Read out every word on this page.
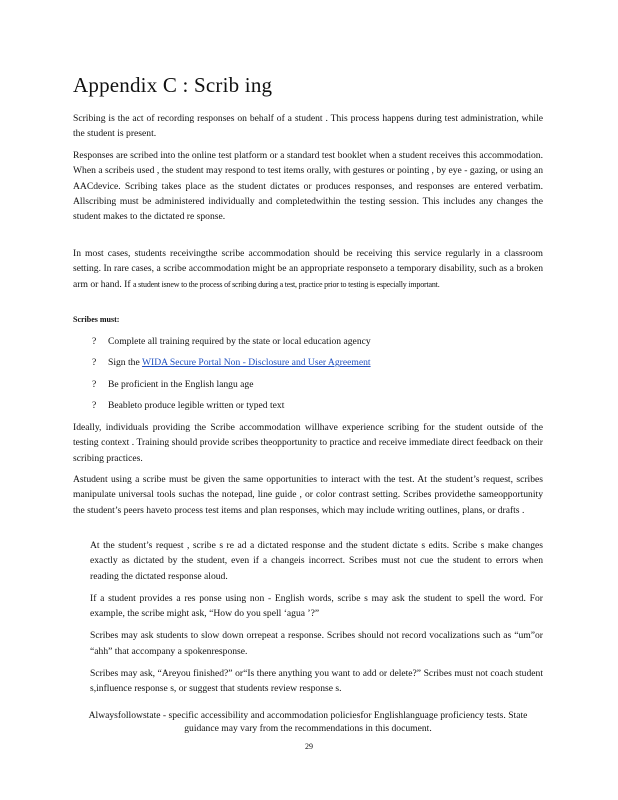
Appendix C : Scrib ing

Scribing is the act of recording responses on behalf of a student . This process happens during test administration, while the student is present.

Responses are scribed into the online test platform or a standard test booklet when a student receives this accommodation. When a scribeis used , the student may respond to test items orally, with gestures or pointing , by eye - gazing, or using an AACdevice. Scribing takes place as the student dictates or produces responses, and responses are entered verbatim. Allscribing must be administered individually and completedwithin the testing session. This includes any changes the student makes to the dictated re sponse.

In most cases, students receivingthe scribe accommodation should be receiving this service regularly in a classroom setting. In rare cases, a scribe accommodation might be an appropriate responseto a temporary disability, such as a broken arm or hand. If a student isnew to the process of scribing during a test, practice prior to testing is especially important.

Scribes must:

?	Complete all training required by the state or local education agency
?	Sign the WIDA Secure Portal Non - Disclosure and User Agreement
?	Be proficient in the English langu age
?	Beableto produce legible written or typed text

Ideally, individuals providing the Scribe accommodation willhave experience scribing for the student outside of the testing context . Training should provide scribes theopportunity to practice and receive immediate direct feedback on their scribing practices.

Astudent using a scribe must be given the same opportunities to interact with the test. At the student’s request, scribes manipulate universal tools suchas the notepad, line guide , or color contrast setting. Scribes providethe sameopportunity the student’s peers haveto process test items and plan responses, which may include writing outlines, plans, or drafts .

At the student’s request , scribe s re ad a dictated response and the student dictate s edits. Scribe s make changes exactly as dictated by the student, even if a changeis incorrect. Scribes must not cue the student to errors when reading the dictated response aloud.
If a student provides a res ponse using non - English words, scribe s may ask the student to spell the word. For example, the scribe might ask, “How do you spell ‘agua ’?”
Scribes may ask students to slow down orrepeat a response. Scribes should not record vocalizations such as “um”or “ahh” that accompany a spokenresponse.
Scribes may ask, “Areyou finished?” or“Is there anything you want to add or delete?” Scribes must not coach student s,influence response s, or suggest that students review response s.

Alwaysfollowstate - specific accessibility and accommodation policiesfor Englishlanguage proficiency tests. State guidance may vary from the recommendations in this document.

29
